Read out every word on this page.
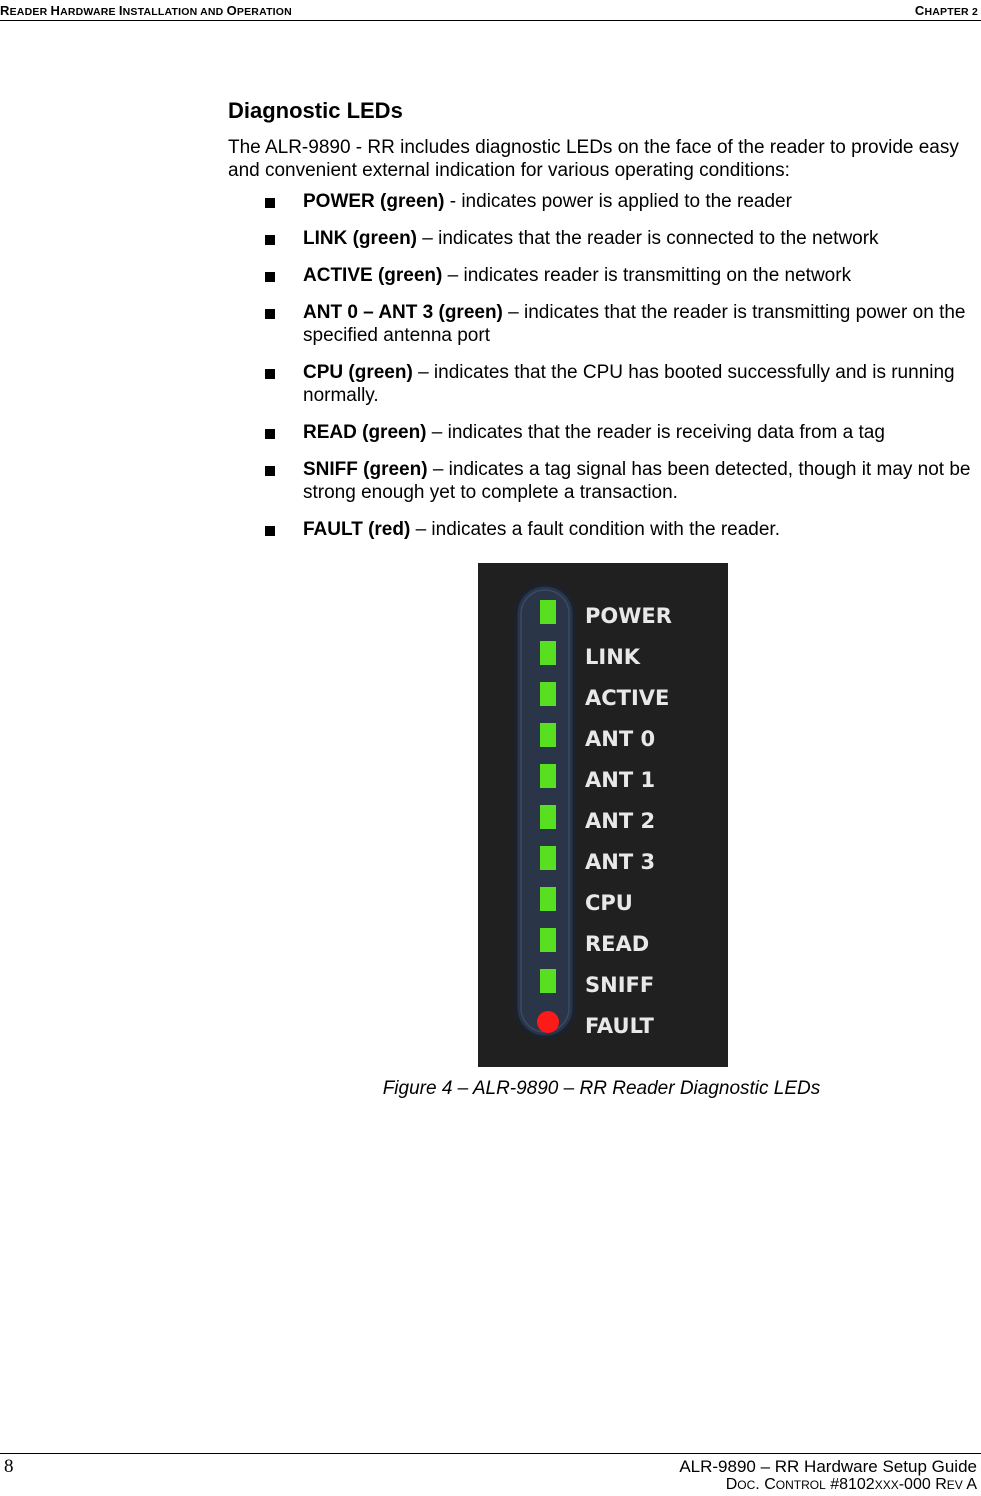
READER HARDWARE INSTALLATION AND OPERATION	CHAPTER 2
Diagnostic LEDs

The ALR-9890 - RR includes diagnostic LEDs on the face of the reader to provide easy and convenient external indication for various operating conditions:

POWER (green) - indicates power is applied to the reader
LINK (green) – indicates that the reader is connected to the network
ACTIVE (green) – indicates reader is transmitting on the network
ANT 0 – ANT 3 (green) – indicates that the reader is transmitting power on the specified antenna port
CPU (green) – indicates that the CPU has booted successfully and is running normally.
READ (green) – indicates that the reader is receiving data from a tag
SNIFF (green) – indicates a tag signal has been detected, though it may not be strong enough yet to complete a transaction.
FAULT (red) – indicates a fault condition with the reader.
POWER
LINK
ACTIVE
ANT 0
ANT 1
ANT 2
ANT 3
CPU
READ
SNIFF
FAULT
Figure 4 – ALR-9890 – RR Reader Diagnostic LEDs
8	ALR-9890 – RR Hardware Setup Guide
DOC. CONTROL #8102XXX-000 REV A
